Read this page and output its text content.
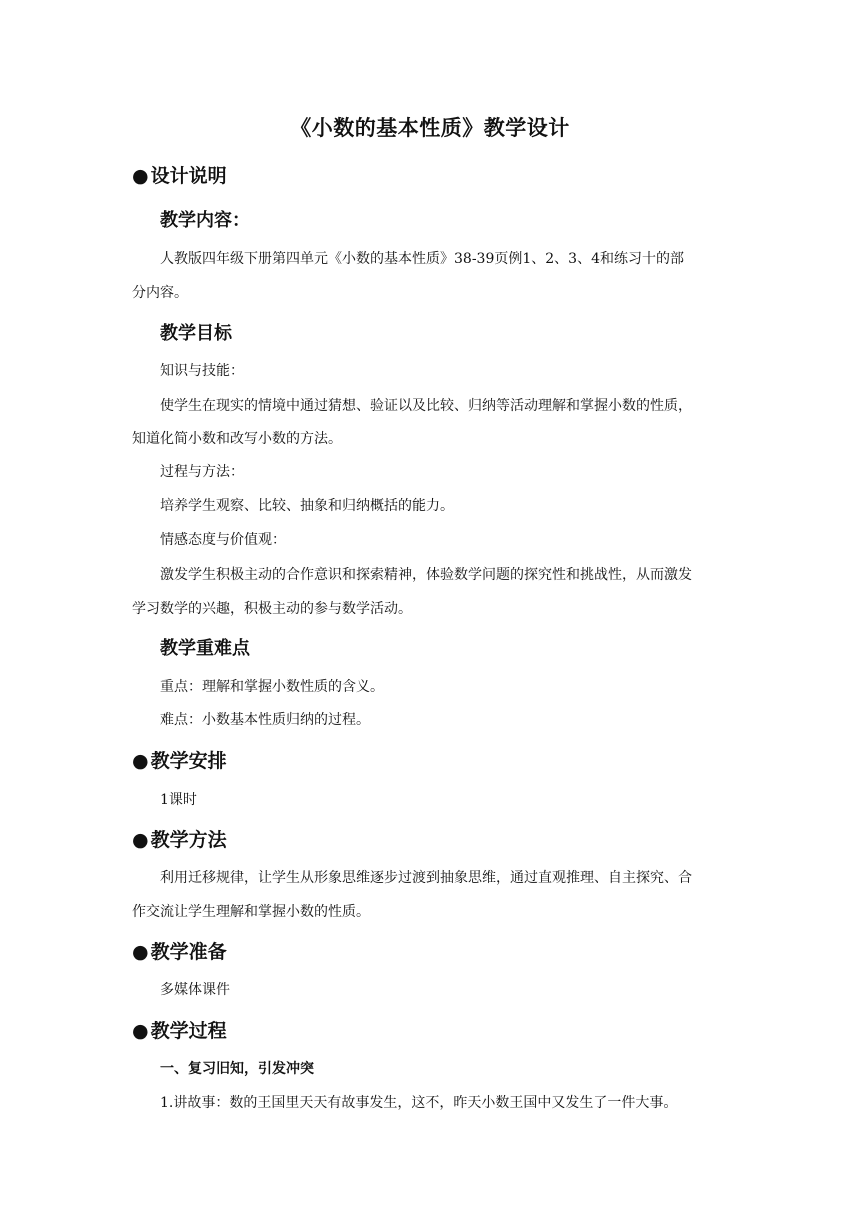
《小数的基本性质》教学设计
● 设计说明
教学内容：
人教版四年级下册第四单元《小数的基本性质》38-39页例1、2、3、4和练习十的部
分内容。
教学目标
知识与技能：
使学生在现实的情境中通过猜想、验证以及比较、归纳等活动理解和掌握小数的性质，
知道化简小数和改写小数的方法。
过程与方法：
培养学生观察、比较、抽象和归纳概括的能力。
情感态度与价值观：
激发学生积极主动的合作意识和探索精神，体验数学问题的探究性和挑战性，从而激发
学习数学的兴趣，积极主动的参与数学活动。
教学重难点
重点：理解和掌握小数性质的含义。
难点：小数基本性质归纳的过程。
● 教学安排
1课时
● 教学方法
利用迁移规律，让学生从形象思维逐步过渡到抽象思维，通过直观推理、自主探究、合
作交流让学生理解和掌握小数的性质。
● 教学准备
多媒体课件
● 教学过程
一、复习旧知，引发冲突
1.讲故事：数的王国里天天有故事发生，这不，昨天小数王国中又发生了一件大事。
